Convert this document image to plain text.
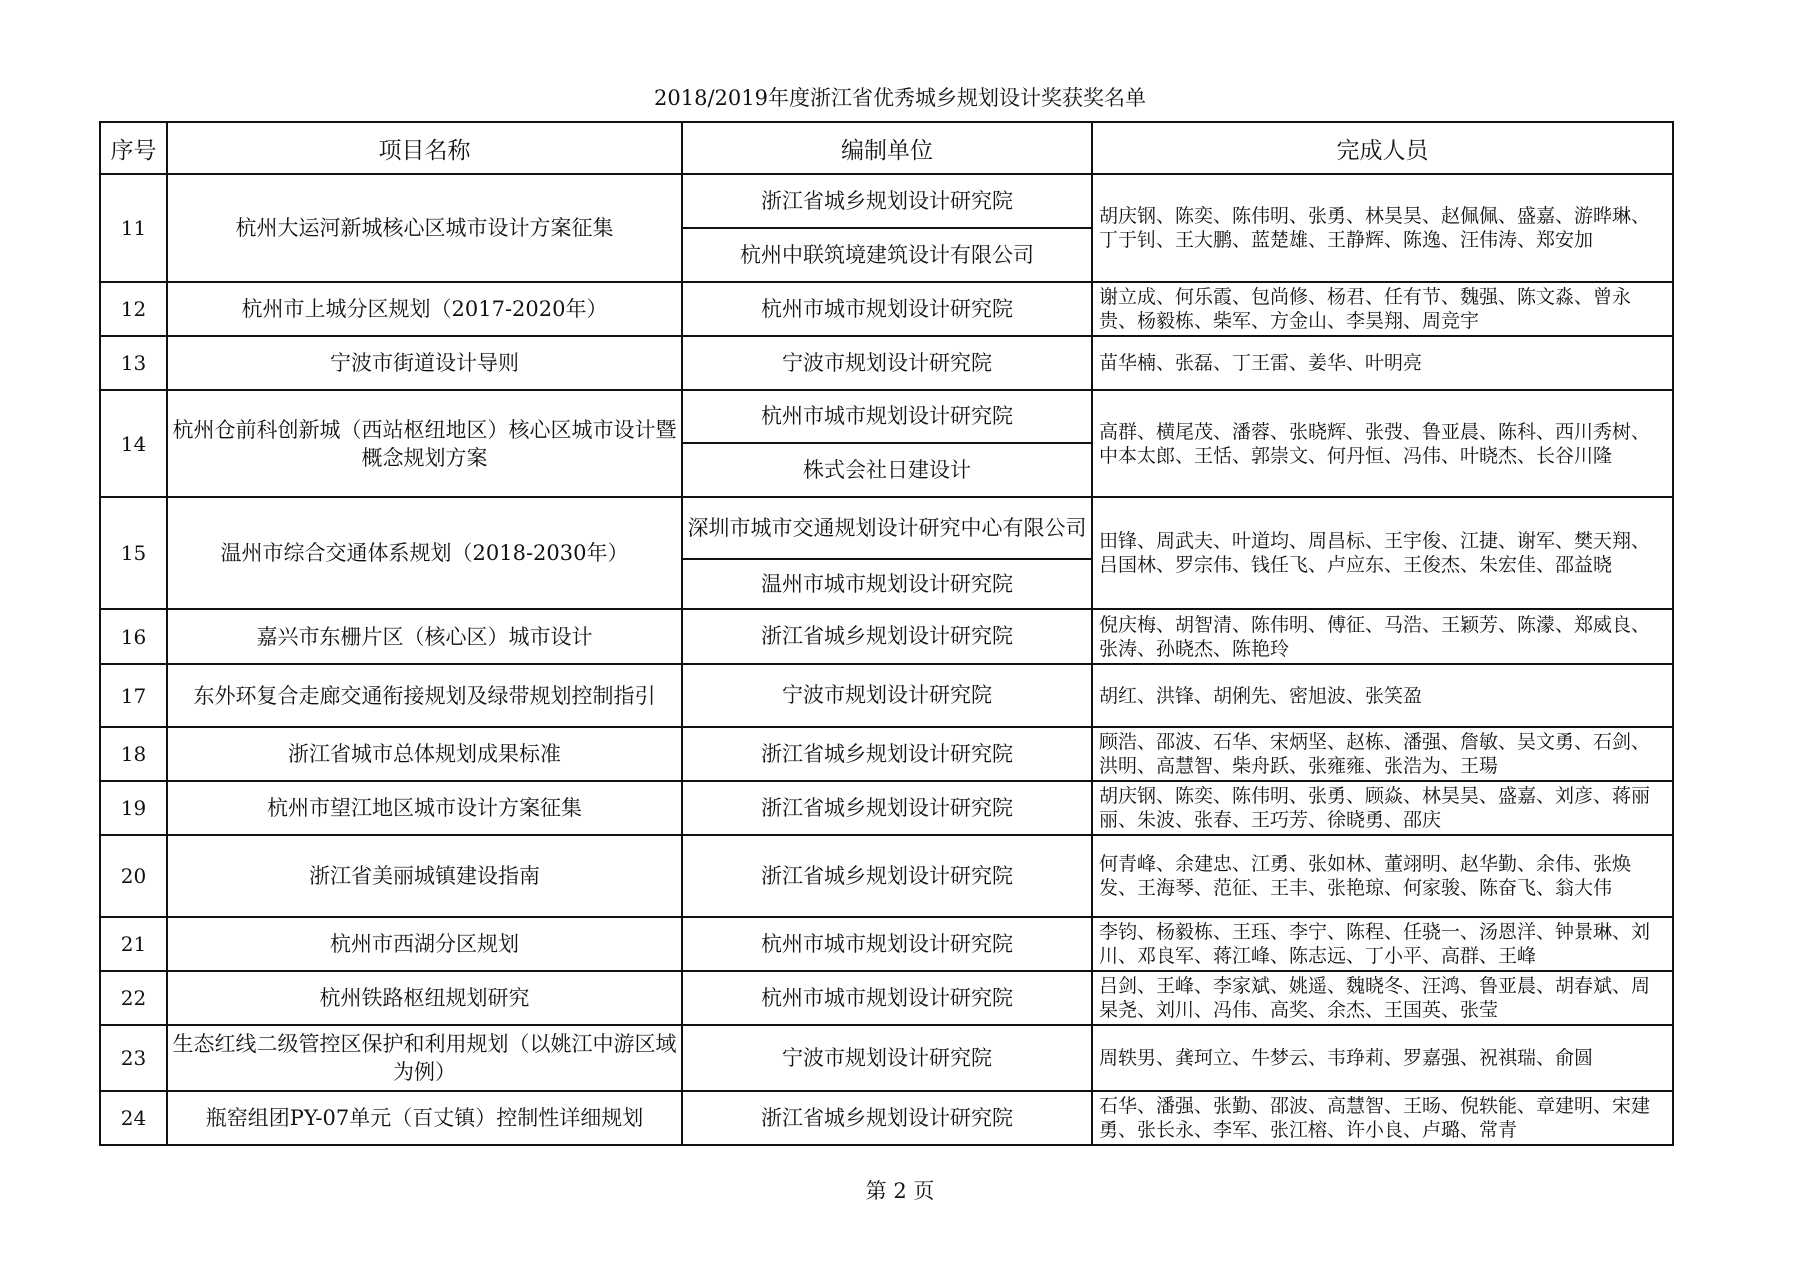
2018/2019年度浙江省优秀城乡规划设计奖获奖名单
序号	项目名称	编制单位	完成人员
11	杭州大运河新城核心区城市设计方案征集	浙江省城乡规划设计研究院	胡庆钢、陈奕、陈伟明、张勇、林昊昊、赵佩佩、盛嘉、游晔琳、丁于钊、王大鹏、蓝楚雄、王静辉、陈逸、汪伟涛、郑安加
		杭州中联筑境建筑设计有限公司	
12	杭州市上城分区规划（2017-2020年）	杭州市城市规划设计研究院	谢立成、何乐霞、包尚修、杨君、任有节、魏强、陈文淼、曾永贵、杨毅栋、柴军、方金山、李昊翔、周竞宇
13	宁波市街道设计导则	宁波市规划设计研究院	苗华楠、张磊、丁王雷、姜华、叶明亮
14	杭州仓前科创新城（西站枢纽地区）核心区城市设计暨概念规划方案	杭州市城市规划设计研究院	高群、横尾茂、潘蓉、张晓辉、张弢、鲁亚晨、陈科、西川秀树、中本太郎、王恬、郭崇文、何丹恒、冯伟、叶晓杰、长谷川隆
		株式会社日建设计	
15	温州市综合交通体系规划（2018-2030年）	深圳市城市交通规划设计研究中心有限公司	田锋、周武夫、叶道均、周昌标、王宇俊、江捷、谢军、樊天翔、吕国林、罗宗伟、钱任飞、卢应东、王俊杰、朱宏佳、邵益晓
		温州市城市规划设计研究院	
16	嘉兴市东栅片区（核心区）城市设计	浙江省城乡规划设计研究院	倪庆梅、胡智清、陈伟明、傅征、马浩、王颖芳、陈濛、郑威良、张涛、孙晓杰、陈艳玲
17	东外环复合走廊交通衔接规划及绿带规划控制指引	宁波市规划设计研究院	胡红、洪锋、胡俐先、密旭波、张笑盈
18	浙江省城市总体规划成果标准	浙江省城乡规划设计研究院	顾浩、邵波、石华、宋炳坚、赵栋、潘强、詹敏、吴文勇、石剑、洪明、高慧智、柴舟跃、张雍雍、张浩为、王瑒
19	杭州市望江地区城市设计方案征集	浙江省城乡规划设计研究院	胡庆钢、陈奕、陈伟明、张勇、顾焱、林昊昊、盛嘉、刘彦、蒋丽丽、朱波、张春、王巧芳、徐晓勇、邵庆
20	浙江省美丽城镇建设指南	浙江省城乡规划设计研究院	何青峰、余建忠、江勇、张如林、董翊明、赵华勤、余伟、张焕发、王海琴、范征、王丰、张艳琼、何家骏、陈奋飞、翁大伟
21	杭州市西湖分区规划	杭州市城市规划设计研究院	李钧、杨毅栋、王珏、李宁、陈程、任骁一、汤恩洋、钟景琳、刘川、邓良军、蒋江峰、陈志远、丁小平、高群、王峰
22	杭州铁路枢纽规划研究	杭州市城市规划设计研究院	吕剑、王峰、李家斌、姚遥、魏晓冬、汪鸿、鲁亚晨、胡春斌、周杲尧、刘川、冯伟、高奖、余杰、王国英、张莹
23	生态红线二级管控区保护和利用规划（以姚江中游区域为例）	宁波市规划设计研究院	周轶男、龚珂立、牛梦云、韦琤莉、罗嘉强、祝祺瑞、俞圆
24	瓶窑组团PY-07单元（百丈镇）控制性详细规划	浙江省城乡规划设计研究院	石华、潘强、张勤、邵波、高慧智、王旸、倪轶能、章建明、宋建勇、张长永、李军、张江榕、许小良、卢璐、常青
第 2 页
